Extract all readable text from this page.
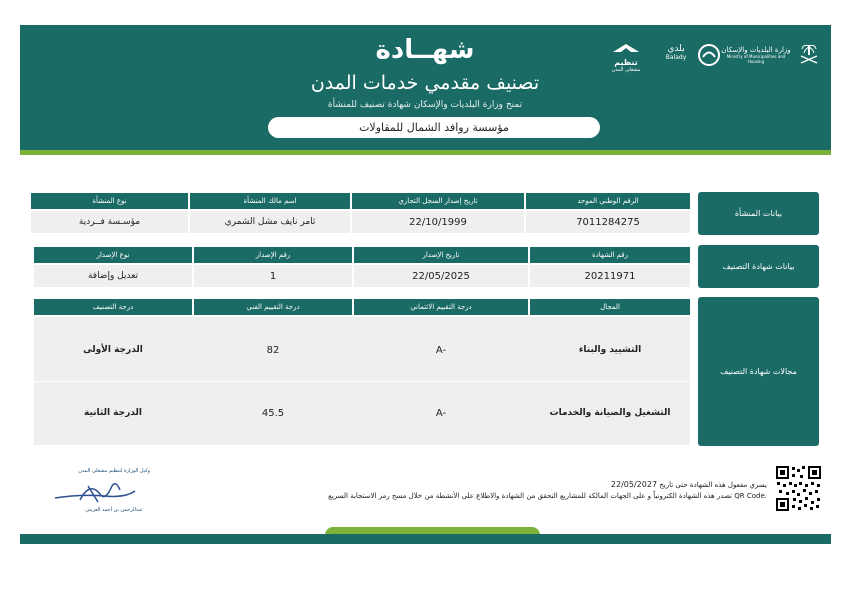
تنظيم
مشغلي المدن
بلدي
Balady
وزارة البلديات والإسكان
Ministry of Municipalities and Housing
شهــادة
تصنيف مقدمي خدمات المدن
تمنح وزارة البلديات والإسكان شهادة تصنيف للمنشأة
مؤسسة روافد الشمال للمقاولات
بيانات المنشأة
بيانات شهادة التصنيف
مجالات شهادة التصنيف
الرقم الوطني الموحد
تاريخ إصدار السجل التجاري
اسم مالك المنشأة
نوع المنشأة
7011284275
22/10/1999
ثامر نايف مشل الشمري
مؤسـسة فــردية
رقم الشهادة
تاريخ الإصدار
رقم الإصدار
نوع الإصدار
20211971
22/05/2025
1
تعديل وإضافة
المجال
درجة التقييم الائتماني
درجة التقييم الفني
درجة التصنيف
التشييد والبناء
A-
82
الدرجة الأولى
التشغيل والصيانة والخدمات
A-
45.5
الدرجة الثانية
يسري مفعول هذه الشهادة حتى تاريخ 22/05/2027
تصدر هذه الشهادة الكترونياً و على الجهات المالكة للمشاريع التحقق من الشهادة والاطلاع على الأنشطة من خلال مسح رمز الاستجابة السريع QR Code.
وكيل الوزارة لتنظيم مشغلي المدن
عبدالرحمن بن أحمد العريني
